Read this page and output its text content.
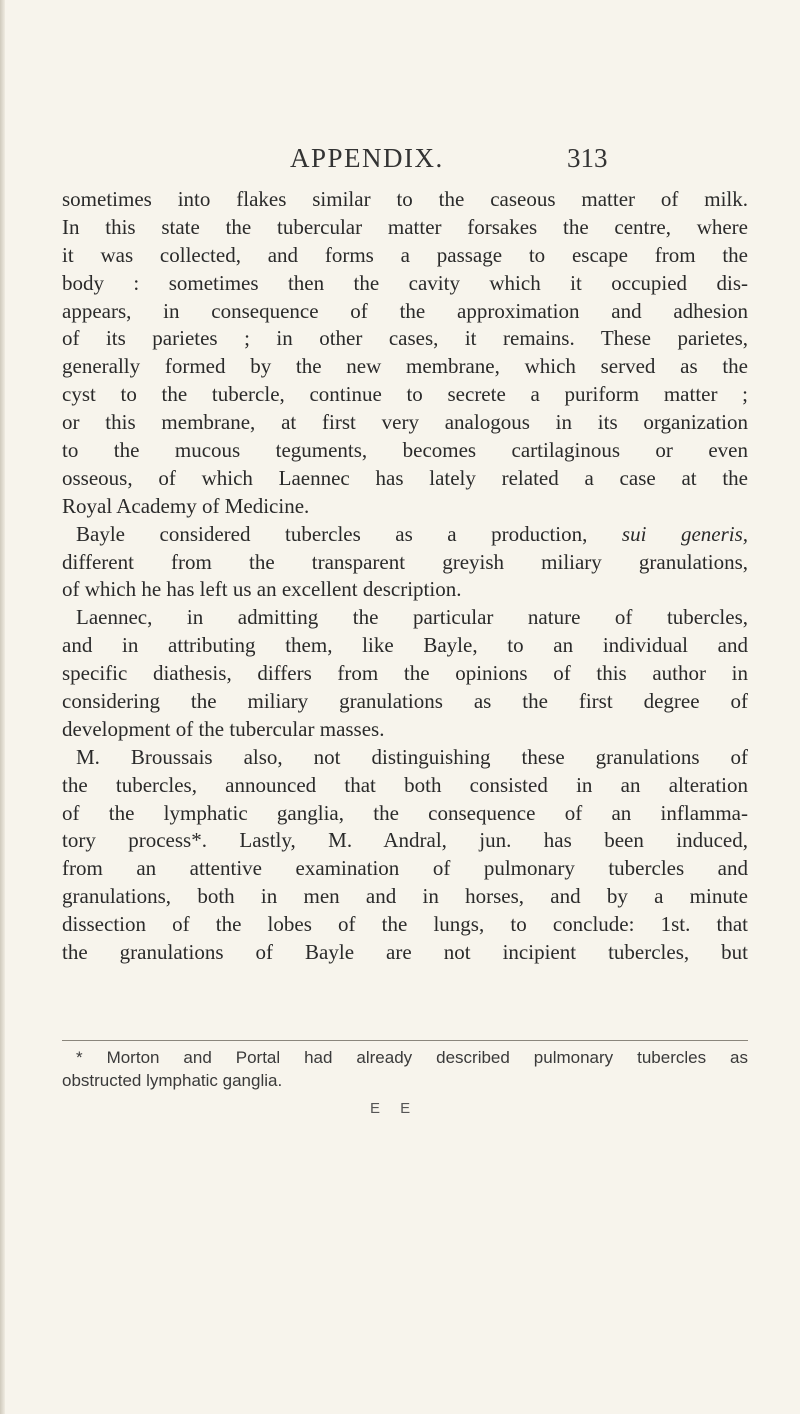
APPENDIX.	313
sometimes into flakes similar to the caseous matter of milk.
In this state the tubercular matter forsakes the centre, where
it was collected, and forms a passage to escape from the
body : sometimes then the cavity which it occupied dis-
appears, in consequence of the approximation and adhesion
of its parietes ; in other cases, it remains. These parietes,
generally formed by the new membrane, which served as the
cyst to the tubercle, continue to secrete a puriform matter ;
or this membrane, at first very analogous in its organization
to the mucous teguments, becomes cartilaginous or even
osseous, of which Laennec has lately related a case at the
Royal Academy of Medicine.
Bayle considered tubercles as a production, sui generis,
different from the transparent greyish miliary granulations,
of which he has left us an excellent description.
Laennec, in admitting the particular nature of tubercles,
and in attributing them, like Bayle, to an individual and
specific diathesis, differs from the opinions of this author in
considering the miliary granulations as the first degree of
development of the tubercular masses.
M. Broussais also, not distinguishing these granulations of
the tubercles, announced that both consisted in an alteration
of the lymphatic ganglia, the consequence of an inflamma-
tory process*. Lastly, M. Andral, jun. has been induced,
from an attentive examination of pulmonary tubercles and
granulations, both in men and in horses, and by a minute
dissection of the lobes of the lungs, to conclude: 1st. that
the granulations of Bayle are not incipient tubercles, but
* Morton and Portal had already described pulmonary tubercles as
obstructed lymphatic ganglia.
E E
